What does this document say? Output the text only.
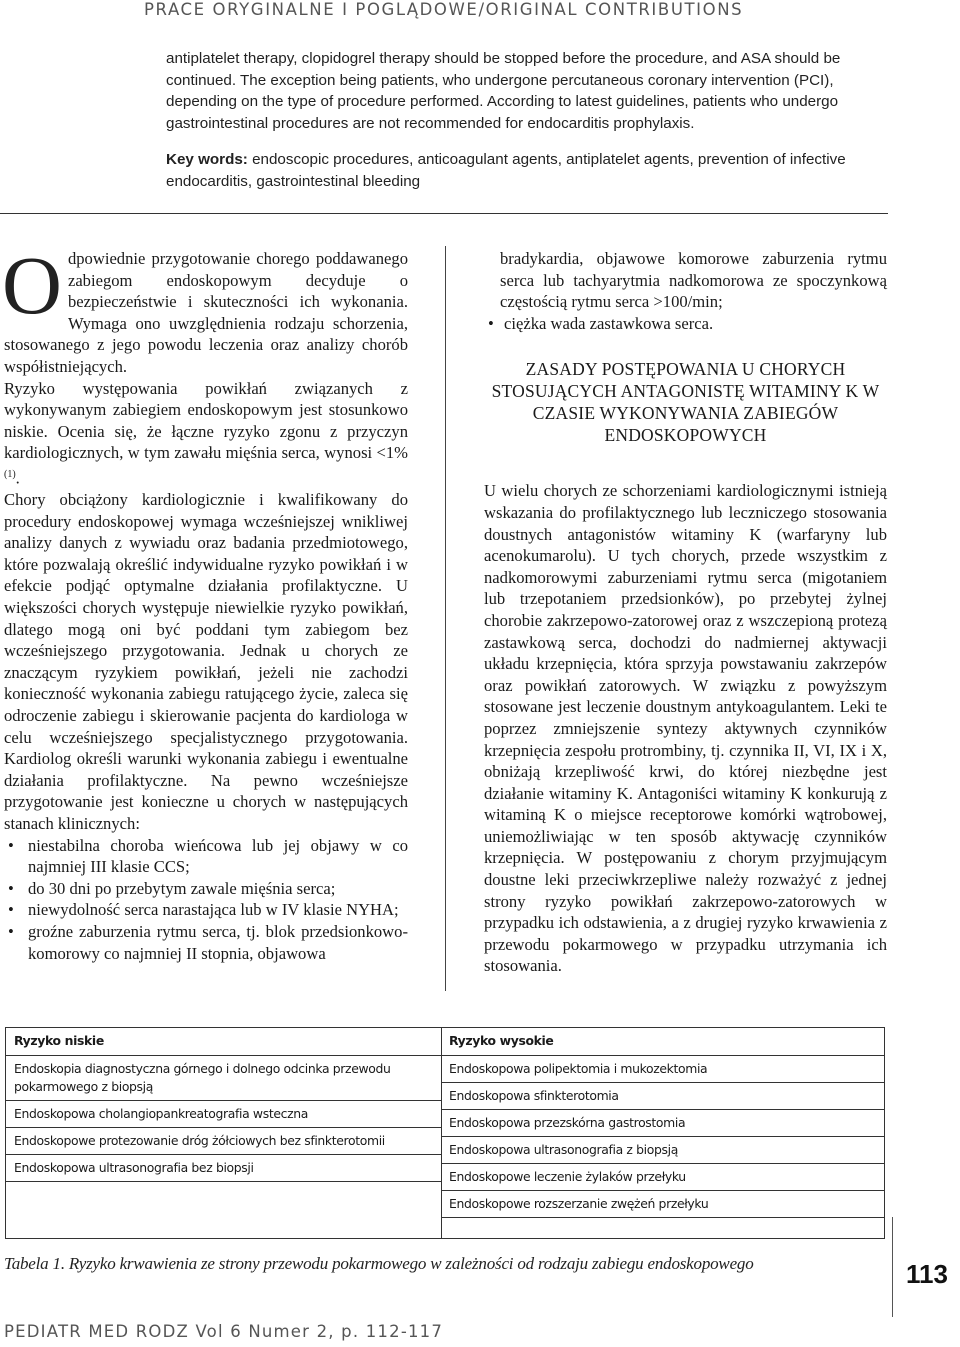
PRACE ORYGINALNE I POGLĄDOWE/ORIGINAL CONTRIBUTIONS

antiplatelet therapy, clopidogrel therapy should be stopped before the procedure, and ASA should be continued. The exception being patients, who undergone percutaneous coronary intervention (PCI), depending on the type of procedure performed. According to latest guidelines, patients who undergo gastrointestinal procedures are not recommended for endocarditis prophylaxis.

Key words: endoscopic procedures, anticoagulant agents, antiplatelet agents, prevention of infective endocarditis, gastrointestinal bleeding

Odpowiednie przygotowanie chorego poddawanego zabiegom endoskopowym decyduje o bezpieczeństwie i skuteczności ich wykonania. Wymaga ono uwzględnienia rodzaju schorzenia, stosowanego z jego powodu leczenia oraz analizy chorób współistniejących.

Ryzyko występowania powikłań związanych z wykonywanym zabiegiem endoskopowym jest stosunkowo niskie. Ocenia się, że łączne ryzyko zgonu z przyczyn kardiologicznych, w tym zawału mięśnia serca, wynosi <1%$^{(1)}$.

Chory obciążony kardiologicznie i kwalifikowany do procedury endoskopowej wymaga wcześniejszej wnikliwej analizy danych z wywiadu oraz badania przedmiotowego, które pozwalają określić indywidualne ryzyko powikłań i w efekcie podjąć optymalne działania profilaktyczne. U większości chorych występuje niewielkie ryzyko powikłań, dlatego mogą oni być poddani tym zabiegom bez wcześniejszego przygotowania. Jednak u chorych ze znaczącym ryzykiem powikłań, jeżeli nie zachodzi konieczność wykonania zabiegu ratującego życie, zaleca się odroczenie zabiegu i skierowanie pacjenta do kardiologa w celu wcześniejszego specjalistycznego przygotowania. Kardiolog określi warunki wykonania zabiegu i ewentualne działania profilaktyczne. Na pewno wcześniejsze przygotowanie jest konieczne u chorych w następujących stanach klinicznych:

• niestabilna choroba wieńcowa lub jej objawy w co najmniej III klasie CCS;
• do 30 dni po przebytym zawale mięśnia serca;
• niewydolność serca narastająca lub w IV klasie NYHA;
• groźne zaburzenia rytmu serca, tj. blok przedsionkowo-komorowy co najmniej II stopnia, objawowa

bradykardia, objawowe komorowe zaburzenia rytmu serca lub tachyarytmia nadkomorowa ze spoczynkową częstością rytmu serca >100/min;

• ciężka wada zastawkowa serca.
ZASADY POSTĘPOWANIA U CHORYCH STOSUJĄCYCH ANTAGONISTĘ WITAMINY K W CZASIE WYKONYWANIA ZABIEGÓW ENDOSKOPOWYCH

U wielu chorych ze schorzeniami kardiologicznymi istnieją wskazania do profilaktycznego lub leczniczego stosowania doustnych antagonistów witaminy K (warfaryny lub acenokumarolu). U tych chorych, przede wszystkim z nadkomorowymi zaburzeniami rytmu serca (migotaniem lub trzepotaniem przedsionków), po przebytej żylnej chorobie zakrzepowo-zatorowej oraz z wszczepioną protezą zastawkową serca, dochodzi do nadmiernej aktywacji układu krzepnięcia, która sprzyja powstawaniu zakrzepów oraz powikłań zatorowych. W związku z powyższym stosowane jest leczenie doustnym antykoagulantem. Leki te poprzez zmniejszenie syntezy aktywnych czynników krzepnięcia zespołu protrombiny, tj. czynnika II, VI, IX i X, obniżają krzepliwość krwi, do której niezbędne jest działanie witaminy K. Antagoniści witaminy K konkurują z witaminą K o miejsce receptorowe komórki wątrobowej, uniemożliwiając w ten sposób aktywację czynników krzepnięcia. W postępowaniu z chorym przyjmującym doustne leki przeciwkrzepliwe należy rozważyć z jednej strony ryzyko powikłań zakrzepowo-zatorowych w przypadku ich odstawienia, a z drugiej ryzyko krwawienia z przewodu pokarmowego w przypadku utrzymania ich stosowania.

Ryzyko niskie
Endoskopia diagnostyczna górnego i dolnego odcinka przewodu pokarmowego z biopsją
Endoskopowa cholangiopankreatografia wsteczna
Endoskopowe protezowanie dróg żółciowych bez sfinkterotomii
Endoskopowa ultrasonografia bez biopsji
Ryzyko wysokie
Endoskopowa polipektomia i mukozektomia
Endoskopowa sfinkterotomia
Endoskopowa przezskórna gastrostomia
Endoskopowa ultrasonografia z biopsją
Endoskopowe leczenie żylaków przełyku
Endoskopowe rozszerzanie zwężeń przełyku
Tabela 1. Ryzyko krwawienia ze strony przewodu pokarmowego w zależności od rodzaju zabiegu endoskopowego	113
PEDIATR MED RODZ Vol 6 Numer 2, p. 112-117
